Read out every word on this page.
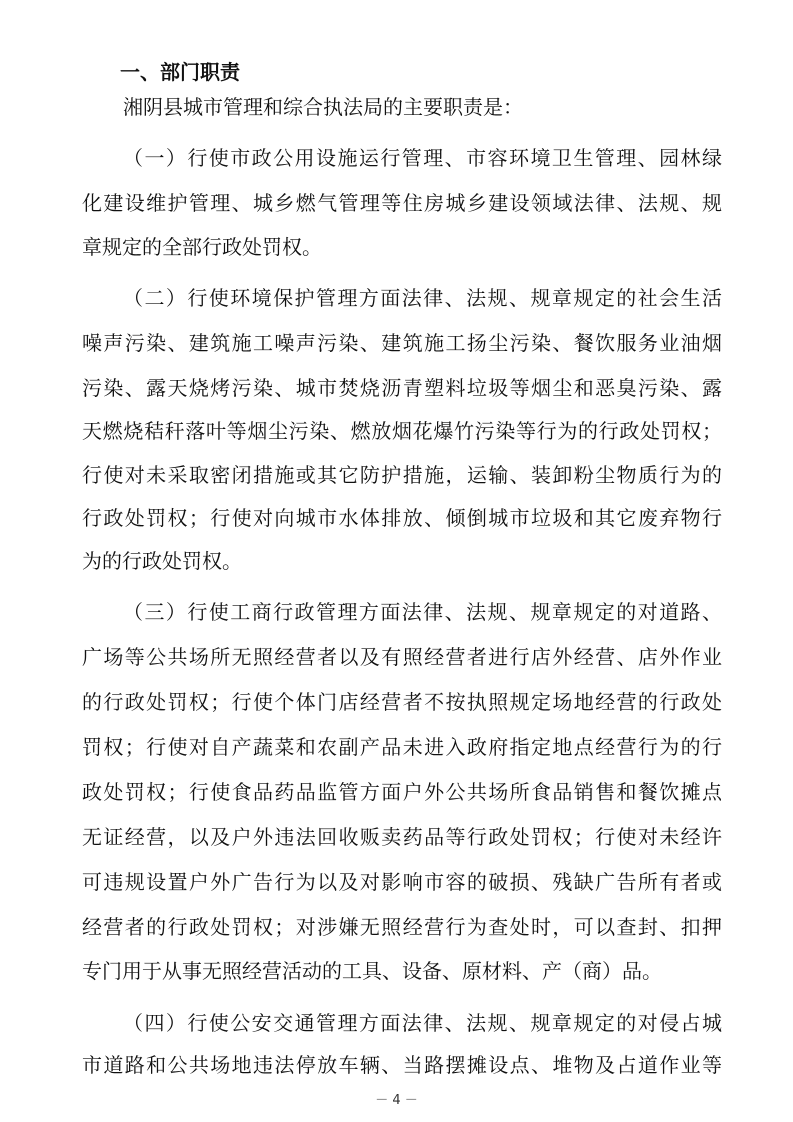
一、部门职责

湘阴县城市管理和综合执法局的主要职责是：

（一）行使市政公用设施运行管理、市容环境卫生管理、园林绿

化建设维护管理、城乡燃气管理等住房城乡建设领域法律、法规、规

章规定的全部行政处罚权。

（二）行使环境保护管理方面法律、法规、规章规定的社会生活

噪声污染、建筑施工噪声污染、建筑施工扬尘污染、餐饮服务业油烟

污染、露天烧烤污染、城市焚烧沥青塑料垃圾等烟尘和恶臭污染、露

天燃烧秸秆落叶等烟尘污染、燃放烟花爆竹污染等行为的行政处罚权；

行使对未采取密闭措施或其它防护措施，运输、装卸粉尘物质行为的

行政处罚权；行使对向城市水体排放、倾倒城市垃圾和其它废弃物行

为的行政处罚权。

（三）行使工商行政管理方面法律、法规、规章规定的对道路、

广场等公共场所无照经营者以及有照经营者进行店外经营、店外作业

的行政处罚权；行使个体门店经营者不按执照规定场地经营的行政处

罚权；行使对自产蔬菜和农副产品未进入政府指定地点经营行为的行

政处罚权；行使食品药品监管方面户外公共场所食品销售和餐饮摊点

无证经营，以及户外违法回收贩卖药品等行政处罚权；行使对未经许

可违规设置户外广告行为以及对影响市容的破损、残缺广告所有者或

经营者的行政处罚权；对涉嫌无照经营行为查处时，可以查封、扣押

专门用于从事无照经营活动的工具、设备、原材料、产（商）品。

（四）行使公安交通管理方面法律、法规、规章规定的对侵占城

市道路和公共场地违法停放车辆、当路摆摊设点、堆物及占道作业等

－ 4 －
